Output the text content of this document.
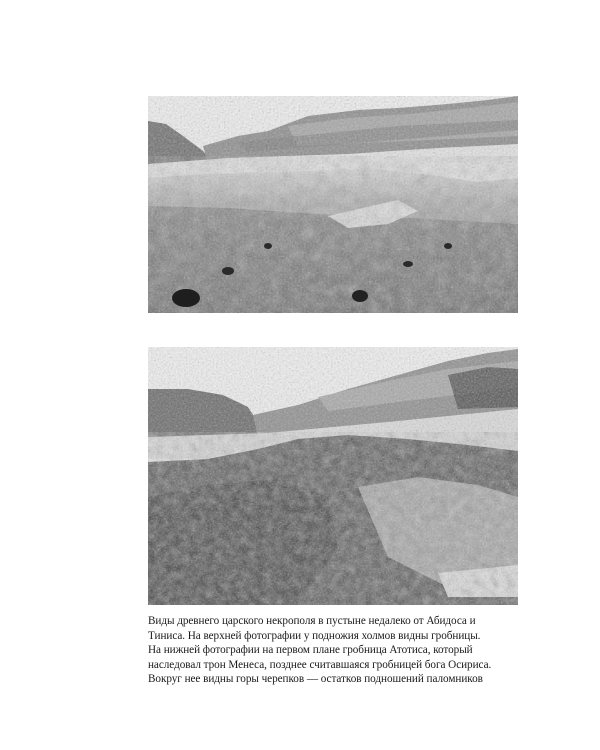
Виды древнего царского некрополя в пустыне недалеко от Абидоса и
Тиниса. На верхней фотографии у подножия холмов видны гробницы.
На нижней фотографии на первом плане гробница Атотиса, который
наследовал трон Менеса, позднее считавшаяся гробницей бога Осириса.
Вокруг нее видны горы черепков — остатков подношений паломников
